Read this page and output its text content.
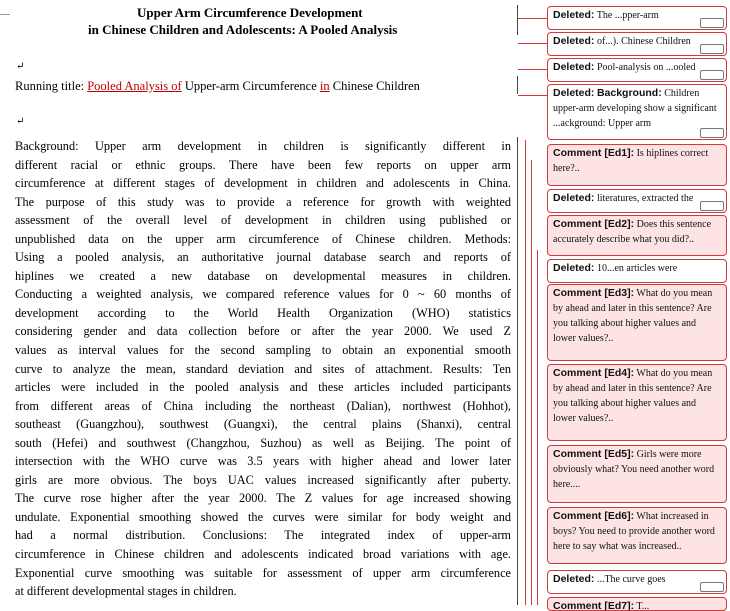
Upper Arm Circumference Development
in Chinese Children and Adolescents: A Pooled Analysis
↵
Running title: Pooled Analysis of Upper-arm Circumference in Chinese Children
↵
Background: Upper arm development in children is significantly different in
different racial or ethnic groups. There have been few reports on upper arm
circumference at different stages of development in children and adolescents in China.
The purpose of this study was to provide a reference for growth with weighted
assessment of the overall level of development in children using published or
unpublished data on the upper arm circumference of Chinese children. Methods:
Using a pooled analysis, an authoritative journal database search and reports of
hiplines we created a new database on developmental measures in children.
Conducting a weighted analysis, we compared reference values for 0 ~ 60 months of
development according to the World Health Organization (WHO) statistics
considering gender and data collection before or after the year 2000. We used Z
values as interval values for the second sampling to obtain an exponential smooth
curve to analyze the mean, standard deviation and sites of attachment. Results: Ten
articles were included in the pooled analysis and these articles included participants
from different areas of China including the northeast (Dalian), northwest (Hohhot),
southeast (Guangzhou), southwest (Guangxi), the central plains (Shanxi), central
south (Hefei) and southwest (Changzhou, Suzhou) as well as Beijing. The point of
intersection with the WHO curve was 3.5 years with higher ahead and lower later
girls are more obvious. The boys UAC values increased significantly after puberty.
The curve rose higher after the year 2000. The Z values for age increased showing
undulate. Exponential smoothing showed the curves were similar for body weight and
had a normal distribution. Conclusions: The integrated index of upper-arm
circumference in Chinese children and adolescents indicated broad variations with age.
Exponential curve smoothing was suitable for assessment of upper arm circumference
at different developmental stages in children.
Deleted: The ...pper-arm
Deleted: of...). Chinese Children
Deleted: Pool-analysis on ...ooled
Deleted: Background: Children upper-arm developing show a significant ...ackground: Upper arm
Comment [Ed1]: Is hiplines correct here?..
Deleted: literatures, extracted the
Comment [Ed2]: Does this sentence accurately describe what you did?..
Deleted: 10...en articles were
Comment [Ed3]: What do you mean by ahead and later in this sentence? Are you talking about higher values and lower values?..
Comment [Ed4]: What do you mean by ahead and later in this sentence? Are you talking about higher values and lower values?..
Comment [Ed5]: Girls were more obviously what? You need another word here....
Comment [Ed6]: What increased in boys? You need to provide another word here to say what was increased..
Deleted: ...The curve goes
Comment [Ed7]: T...
